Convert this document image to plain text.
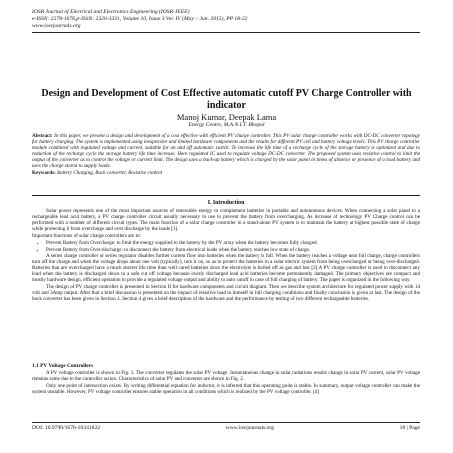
IOSR Journal of Electrical and Electronics Engineering (IOSR-JEEE)
e-ISSN: 2278-1676,p-ISSN: 2320-3331, Volume 10, Issue 3 Ver. IV (May – Jun. 2015), PP 18-22
www.iosrjournals.org
Design and Development of Cost Effective automatic cutoff PV Charge Controller with indicator
Manoj Kumar, Deepak Lama
Energy Centre, M.A.N.I.T. Bhopal
Abstract: In this paper, we present a design and development of a cost effective with efficient PV charge controller. This PV solar charge controller works with DC-DC converter topology for battery charging. The system is implemented using inexpensive and limited hardware components and the results for different PV cell and battery voltage levels. This PV charge controller module combined with regulated voltage and current, suitable for on and off automatic switch. To increase the life time of a recharge cycle of the storage battery is optimized and due to reduction of the recharge cycle the storage battery life time increase. Here regulated IC used to regulate voltage DC-DC converter. The proposed system uses resistive control to limit the output of the converter as to control the voltage or current limit. The design uses a back-up battery which is charged by the solar panel in times of absence or presence of a load battery and uses the charge stored to supply loads.
Keywords: Battery Charging, Buck converter, Resistive control
I. Introduction

Solar power represents one of the most important sources of renewable energy to complement batteries in portable and autonomous devices. When connecting a solar panel to a rechargeable lead acid battery, a PV charge controller circuit usually necessary to use to prevent the battery from overcharging. As increase of technology PV Charge control can be performed with a number of different circuit types. The main function of a solar charge controller in a stand-alone PV system is to maintain the battery at highest possible state of charge while protecting it from overcharge and over discharge by the loads [1].

Important functions of solar charge controllers are to:

• Prevent Battery from Overcharge: to limit the energy supplied to the battery by the PV array when the battery becomes fully charged.
• Prevent Battery from Over-discharge: to disconnect the battery from electrical loads when the battery reaches low state of charge.

A series charge controller or series regulator disables further current flow into batteries when the battery is full. When the battery reaches a voltage near full charge, charge controllers turn off the charge and when the voltage drops about one volt (typically), turn it on, so as to protect the batteries in a solar electric system from being overcharged or being over-discharged. Batteries that are overcharged have a much shorter life time than well cared batteries since the electrolyte is boiled off as gas and lost [2].A PV charge controller is used to disconnect any load when the battery is discharged down to a safe cut off voltage because overly discharged lead acid batteries become permanently damaged. The primary objectives are compact and mostly hardware design, efficient operation to provide a regulated voltage output and ability to auto cutoff in case of full charging of battery. The paper is organized in the following way.

The design of PV charge controller is presented in Section II for hardware components and circuit diagram. Then we describe system architecture for regulated power supply with 14 volt and 3Amp output. After that a brief discussion is presented on the impact of resistive load to himself in full charging conditions and finally conclusion is given at last. The design of the buck converter has been given in Section 3. Section 4 gives a brief description of the hardware and the performance by testing of two different rechargeable batteries.

1.1 PV Voltage Controllers

A PV voltage controller is shown in Fig. 1. The converter regulates the solar PV voltage. Instantaneous change in solar radiations results change in solar PV current, solar PV voltage remains same due to the controller action. Characteristics of solar PV and converter are shown in Fig. 2.

Only one point of intersection exists. By writing differential equation for inductor, it is inferred that this operating point is stable. In summary, output voltage controller can make the system unstable. However, PV voltage controller ensures stable operation in all conditions which is realized by the PV voltage controller. [4]

DOI: 10.9790/1676-10341822	www.iosrjournals.org	18 | Page
